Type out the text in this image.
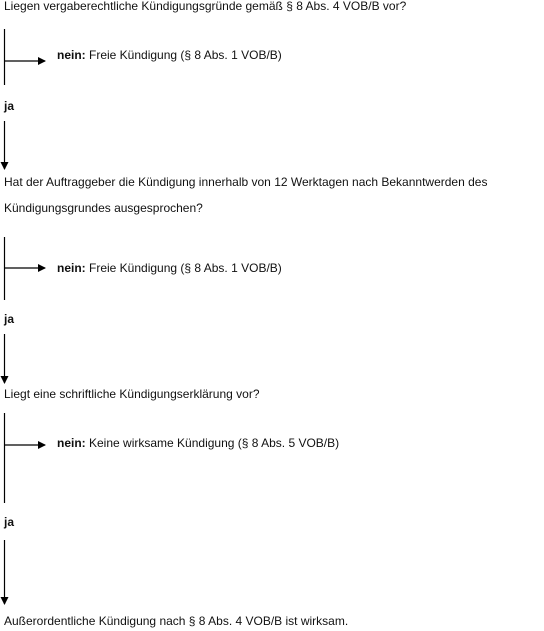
Liegen vergaberechtliche Kündigungsgründe gemäß § 8 Abs. 4 VOB/B vor?

nein: Freie Kündigung (§ 8 Abs. 1 VOB/B)
ja

Hat der Auftraggeber die Kündigung innerhalb von 12 Werktagen nach Bekanntwerden des

Kündigungsgrundes ausgesprochen?

nein: Freie Kündigung (§ 8 Abs. 1 VOB/B)
ja

Liegt eine schriftliche Kündigungserklärung vor?

nein: Keine wirksame Kündigung (§ 8 Abs. 5 VOB/B)
ja

Außerordentliche Kündigung nach § 8 Abs. 4 VOB/B ist wirksam.
